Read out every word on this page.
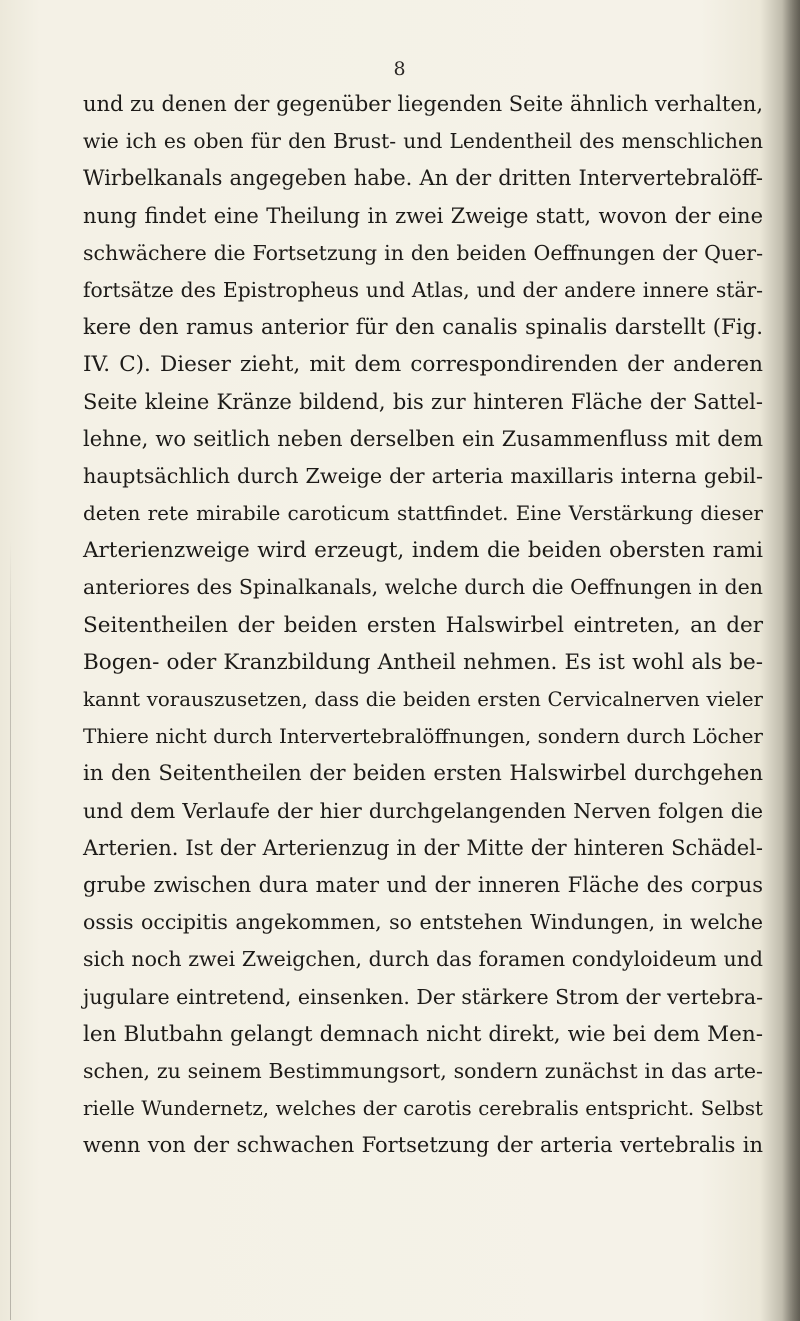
8
und zu denen der gegenüber liegenden Seite ähnlich verhalten,
wie ich es oben für den Brust- und Lendentheil des menschlichen
Wirbelkanals angegeben habe. An der dritten Intervertebralöff-
nung findet eine Theilung in zwei Zweige statt, wovon der eine
schwächere die Fortsetzung in den beiden Oeffnungen der Quer-
fortsätze des Epistropheus und Atlas, und der andere innere stär-
kere den ramus anterior für den canalis spinalis darstellt (Fig.
IV. C). Dieser zieht, mit dem correspondirenden der anderen
Seite kleine Kränze bildend, bis zur hinteren Fläche der Sattel-
lehne, wo seitlich neben derselben ein Zusammenfluss mit dem
hauptsächlich durch Zweige der arteria maxillaris interna gebil-
deten rete mirabile caroticum stattfindet. Eine Verstärkung dieser
Arterienzweige wird erzeugt, indem die beiden obersten rami
anteriores des Spinalkanals, welche durch die Oeffnungen in den
Seitentheilen der beiden ersten Halswirbel eintreten, an der
Bogen- oder Kranzbildung Antheil nehmen. Es ist wohl als be-
kannt vorauszusetzen, dass die beiden ersten Cervicalnerven vieler
Thiere nicht durch Intervertebralöffnungen, sondern durch Löcher
in den Seitentheilen der beiden ersten Halswirbel durchgehen
und dem Verlaufe der hier durchgelangenden Nerven folgen die
Arterien. Ist der Arterienzug in der Mitte der hinteren Schädel-
grube zwischen dura mater und der inneren Fläche des corpus
ossis occipitis angekommen, so entstehen Windungen, in welche
sich noch zwei Zweigchen, durch das foramen condyloideum und
jugulare eintretend, einsenken. Der stärkere Strom der vertebra-
len Blutbahn gelangt demnach nicht direkt, wie bei dem Men-
schen, zu seinem Bestimmungsort, sondern zunächst in das arte-
rielle Wundernetz, welches der carotis cerebralis entspricht. Selbst
wenn von der schwachen Fortsetzung der arteria vertebralis in
